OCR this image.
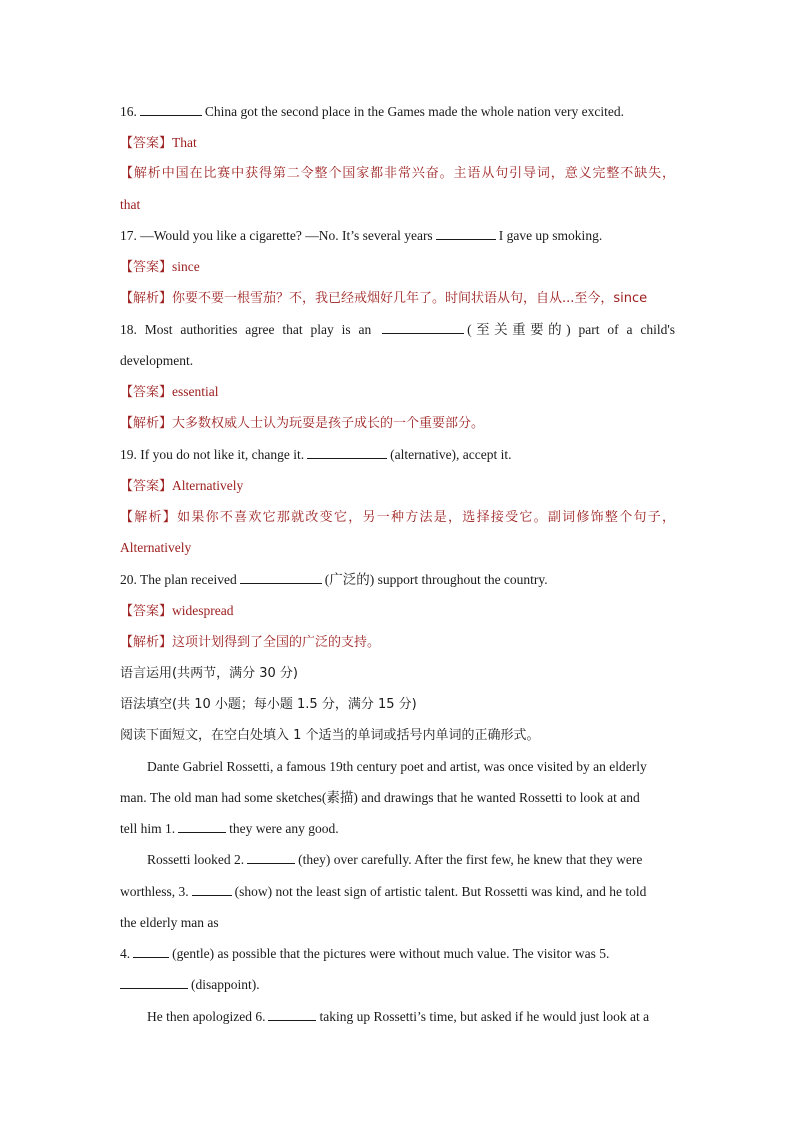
16.	China got the second place in the Games made the whole nation very excited.
【答案】That
【解析中国在比赛中获得第二令整个国家都非常兴奋。主语从句引导词，意义完整不缺失，
that
17. —Would you like a cigarette? —No. It’s several years	I gave up smoking.
【答案】since
【解析】你要不要一根雪茄？不，我已经戒烟好几年了。时间状语从句，自从...至今，since
18. Most authorities agree that play is an	(至关重要的) part of a child's
development.
【答案】essential
【解析】大多数权威人士认为玩耍是孩子成长的一个重要部分。
19. If you do not like it, change it.	(alternative), accept it.
【答案】Alternatively
【解析】如果你不喜欢它那就改变它，另一种方法是，选择接受它。副词修饰整个句子，
Alternatively
20. The plan received	(广泛的) support throughout the country.
【答案】widespread
【解析】这项计划得到了全国的广泛的支持。
语言运用(共两节，满分 30 分)
语法填空(共 10 小题；每小题 1.5 分，满分 15 分)
阅读下面短文，在空白处填入 1 个适当的单词或括号内单词的正确形式。
Dante Gabriel Rossetti, a famous 19th century poet and artist, was once visited by an elderly
man. The old man had some sketches(素描) and drawings that he wanted Rossetti to look at and
tell him 1.	they were any good.
Rossetti looked 2.	(they) over carefully. After the first few, he knew that they were
worthless, 3.	(show) not the least sign of artistic talent. But Rossetti was kind, and he told
the elderly man as
4.	(gentle) as possible that the pictures were without much value. The visitor was 5.
(disappoint).
He then apologized 6.	taking up Rossetti’s time, but asked if he would just look at a
